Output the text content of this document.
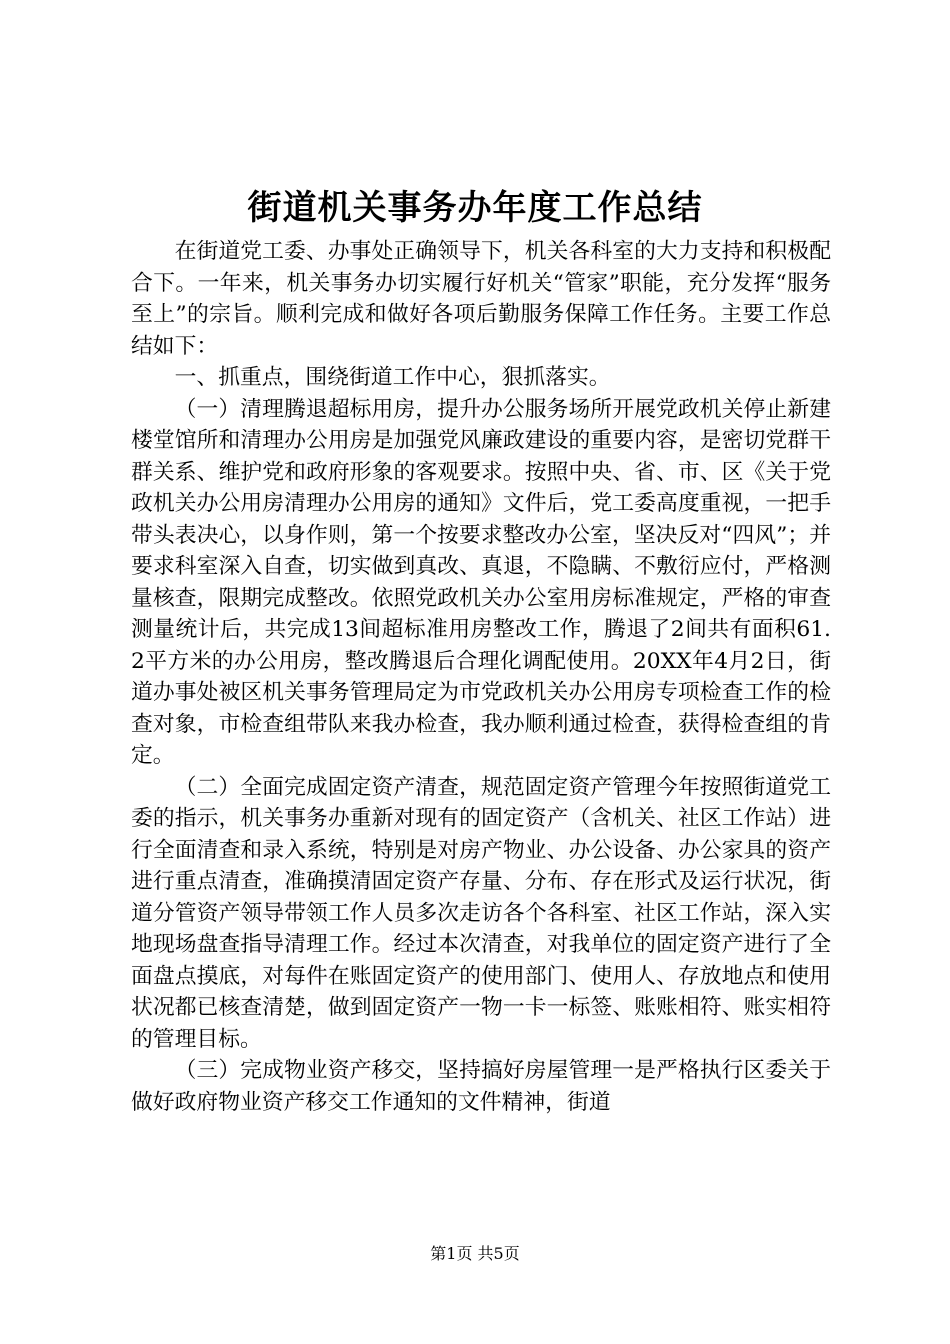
街道机关事务办年度工作总结

在街道党工委、办事处正确领导下，机关各科室的大力支持和积极配合下。一年来，机关事务办切实履行好机关“管家”职能，充分发挥“服务至上”的宗旨。顺利完成和做好各项后勤服务保障工作任务。主要工作总结如下：

一、抓重点，围绕街道工作中心，狠抓落实。

（一）清理腾退超标用房，提升办公服务场所开展党政机关停止新建楼堂馆所和清理办公用房是加强党风廉政建设的重要内容，是密切党群干群关系、维护党和政府形象的客观要求。按照中央、省、市、区《关于党政机关办公用房清理办公用房的通知》文件后，党工委高度重视，一把手带头表决心，以身作则，第一个按要求整改办公室，坚决反对“四风”；并要求科室深入自查，切实做到真改、真退，不隐瞒、不敷衍应付，严格测量核查，限期完成整改。依照党政机关办公室用房标准规定，严格的审查测量统计后，共完成13间超标准用房整改工作，腾退了2间共有面积61.2平方米的办公用房，整改腾退后合理化调配使用。20XX年4月2日，街道办事处被区机关事务管理局定为市党政机关办公用房专项检查工作的检查对象，市检查组带队来我办检查，我办顺利通过检查，获得检查组的肯定。

（二）全面完成固定资产清查，规范固定资产管理今年按照街道党工委的指示，机关事务办重新对现有的固定资产（含机关、社区工作站）进行全面清查和录入系统，特别是对房产物业、办公设备、办公家具的资产进行重点清查，准确摸清固定资产存量、分布、存在形式及运行状况，街道分管资产领导带领工作人员多次走访各个各科室、社区工作站，深入实地现场盘查指导清理工作。经过本次清查，对我单位的固定资产进行了全面盘点摸底，对每件在账固定资产的使用部门、使用人、存放地点和使用状况都已核查清楚，做到固定资产一物一卡一标签、账账相符、账实相符的管理目标。

（三）完成物业资产移交，坚持搞好房屋管理一是严格执行区委关于做好政府物业资产移交工作通知的文件精神，街道

第1页 共5页
